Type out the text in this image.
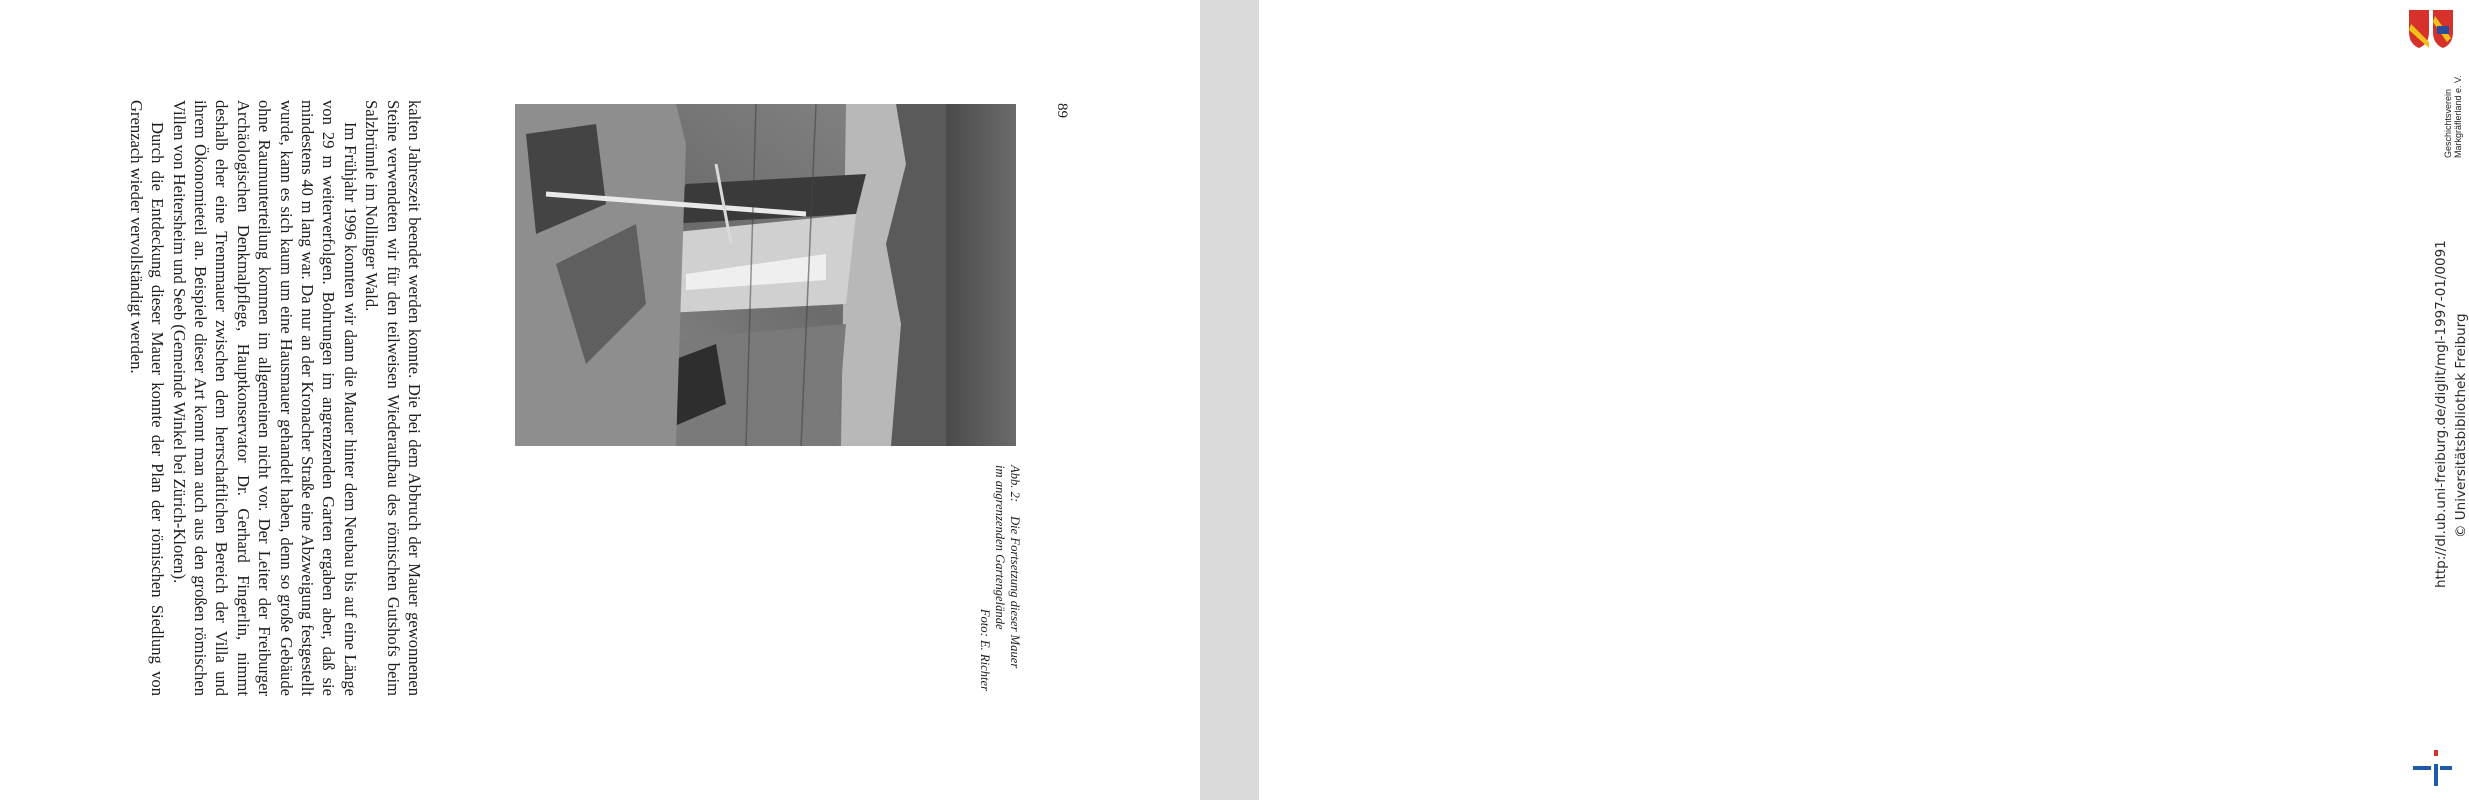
kalten Jahreszeit beendet werden konnte. Die bei dem Abbruch der Mauer gewonnenen Steine verwendeten wir für den teilweisen Wiederaufbau des römischen Gutshofs beim Salzbrünnle im Nollinger Wald.

Im Frühjahr 1996 konnten wir dann die Mauer hinter dem Neubau bis auf eine Länge von 29 m weiterverfolgen. Bohrungen im angrenzenden Garten ergaben aber, daß sie mindestens 40 m lang war. Da nur an der Kronacher Straße eine Abzweigung festgestellt wurde, kann es sich kaum um eine Hausmauer gehandelt haben, denn so große Gebäude ohne Raumunterteilung kommen im allgemeinen nicht vor. Der Leiter der Freiburger Archäologischen Denkmalpflege, Hauptkonservator Dr. Gerhard Fingerlin, nimmt deshalb eher eine Trennmauer zwischen dem herrschaftlichen Bereich der Villa und ihrem Ökonomieteil an. Beispiele dieser Art kennt man auch aus den großen römischen Villen von Heitersheim und Seeb (Gemeinde Winkel bei Zürich-Kloten).

Durch die Entdeckung dieser Mauer konnte der Plan der römischen Siedlung von Grenzach wieder vervollständigt werden.

Abb. 2:Die Fortsetzung dieser Mauer
im angrenzenden Gartengelände
Foto: E. Richter
89	Geschichtsverein Markgräflerland e. V.
http://dl.ub.uni-freiburg.de/diglit/mgl-1997-01/0091 © Universitätsbibliothek Freiburg
